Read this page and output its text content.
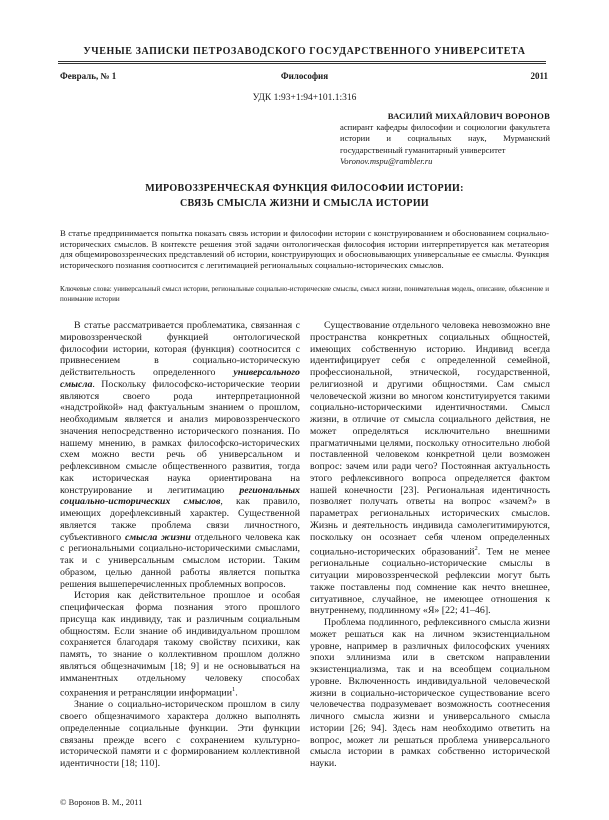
УЧЕНЫЕ ЗАПИСКИ ПЕТРОЗАВОДСКОГО ГОСУДАРСТВЕННОГО УНИВЕРСИТЕТА
Февраль, № 1	Философия	2011
УДК 1:93+1:94+101.1:316
ВАСИЛИЙ МИХАЙЛОВИЧ ВОРОНОВ
аспирант кафедры философии и социологии факультета истории и социальных наук, Мурманский государственный гуманитарный университет
Voronov.mspu@rambler.ru
МИРОВОЗЗРЕНЧЕСКАЯ ФУНКЦИЯ ФИЛОСОФИИ ИСТОРИИ:
СВЯЗЬ СМЫСЛА ЖИЗНИ И СМЫСЛА ИСТОРИИ
В статье предпринимается попытка показать связь истории и философии истории с конструированием и обоснованием социально-исторических смыслов. В контексте решения этой задачи онтологическая философия истории интерпретируется как метатеория для общемировоззренческих представлений об истории, конструирующих и обосновывающих универсальные ее смыслы. Функция исторического познания соотносится с легитимацией региональных социально-исторических смыслов.
Ключевые слова: универсальный смысл истории, региональные социально-исторические смыслы, смысл жизни, понимательная модель, описание, объяснение и понимание истории

В статье рассматривается проблематика, связанная с мировоззренческой функцией онтологической философии истории, которая (функция) соотносится с привнесением в социально-историческую действительность определенного универсального смысла. Поскольку философско-исторические теории являются своего рода интерпретационной «надстройкой» над фактуальным знанием о прошлом, необходимым является и анализ мировоззренческого значения непосредственно исторического познания. По нашему мнению, в рамках философско-исторических схем можно вести речь об универсальном и рефлексивном смысле общественного развития, тогда как историческая наука ориентирована на конструирование и легитимацию региональных социально-исторических смыслов, как правило, имеющих дорефлексивный характер. Существенной является также проблема связи личностного, субъективного смысла жизни отдельного человека как с региональными социально-историческими смыслами, так и с универсальным смыслом истории. Таким образом, целью данной работы является попытка решения вышеперечисленных проблемных вопросов.

История как действительное прошлое и особая специфическая форма познания этого прошлого присуща как индивиду, так и различным социальным общностям. Если знание об индивидуальном прошлом сохраняется благодаря такому свойству психики, как память, то знание о коллективном прошлом должно являться общезначимым [18; 9] и не основываться на имманентных отдельному человеку способах сохранения и ретрансляции информации$^1$.

Знание о социально-историческом прошлом в силу своего общезначимого характера должно выполнять определенные социальные функции. Эти функции связаны прежде всего с сохранением культурно-исторической памяти и с формированием коллективной идентичности [18; 110].

Существование отдельного человека невозможно вне пространства конкретных социальных общностей, имеющих собственную историю. Индивид всегда идентифицирует себя с определенной семейной, профессиональной, этнической, государственной, религиозной и другими общностями. Сам смысл человеческой жизни во многом конституируется такими социально-историческими идентичностями. Смысл жизни, в отличие от смысла социального действия, не может определяться исключительно внешними прагматичными целями, поскольку относительно любой поставленной человеком конкретной цели возможен вопрос: зачем или ради чего? Постоянная актуальность этого рефлексивного вопроса определяется фактом нашей конечности [23]. Региональная идентичность позволяет получать ответы на вопрос «зачем?» в параметрах региональных исторических смыслов. Жизнь и деятельность индивида самолегитимируются, поскольку он осознает себя членом определенных социально-исторических образований$^2$. Тем не менее региональные социально-исторические смыслы в ситуации мировоззренческой рефлексии могут быть также поставлены под сомнение как нечто внешнее, ситуативное, случайное, не имеющее отношения к внутреннему, подлинному «Я» [22; 41–46].

Проблема подлинного, рефлексивного смысла жизни может решаться как на личном экзистенциальном уровне, например в различных философских учениях эпохи эллинизма или в светском направлении экзистенциализма, так и на всеобщем социальном уровне. Включенность индивидуальной человеческой жизни в социально-историческое существование всего человечества подразумевает возможность соотнесения личного смысла жизни и универсального смысла истории [26; 94]. Здесь нам необходимо ответить на вопрос, может ли решаться проблема универсального смысла истории в рамках собственно исторической науки.

© Воронов В. М., 2011
